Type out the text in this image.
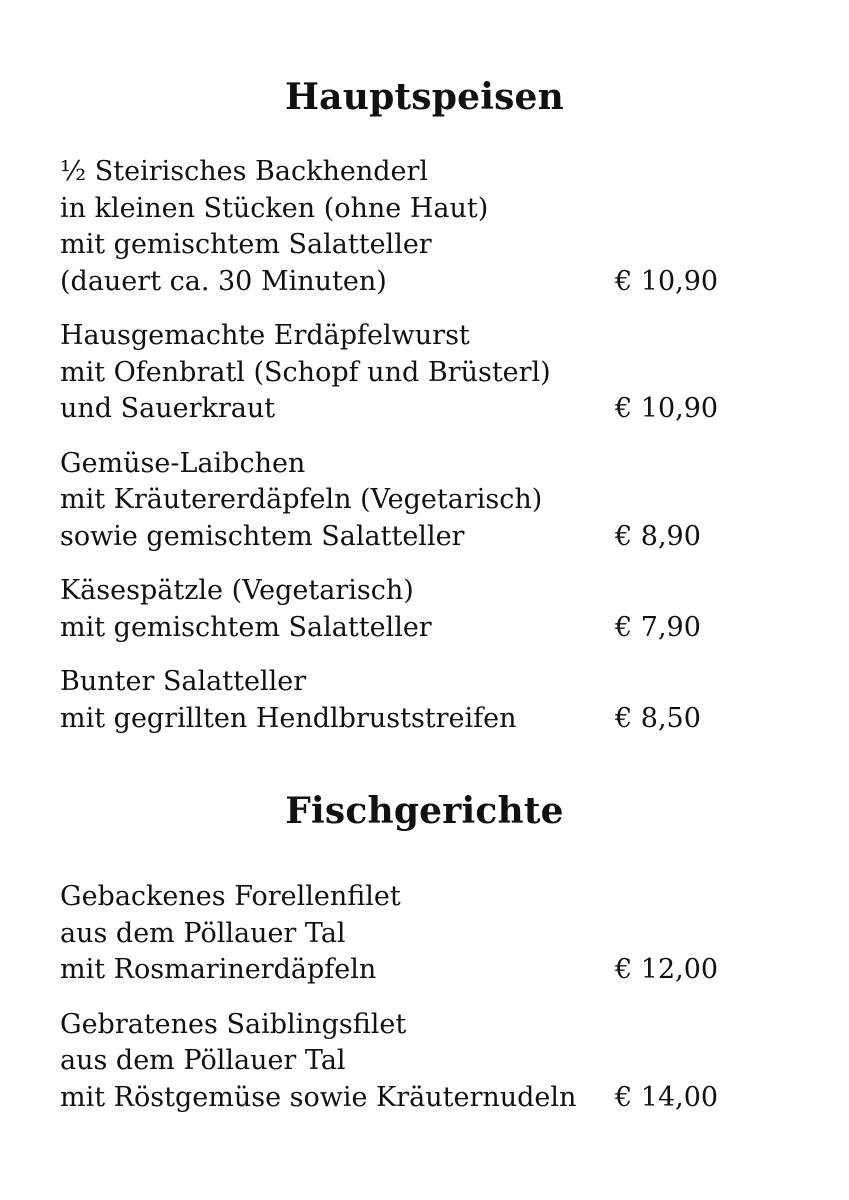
Hauptspeisen
½ Steirisches Backhenderl
in kleinen Stücken (ohne Haut)
mit gemischtem Salatteller
(dauert ca. 30 Minuten)	€ 10,90
Hausgemachte Erdäpfelwurst
mit Ofenbratl (Schopf und Brüsterl)
und Sauerkraut	€ 10,90
Gemüse-Laibchen
mit Kräutererdäpfeln (Vegetarisch)
sowie gemischtem Salatteller	€ 8,90
Käsespätzle (Vegetarisch)
mit gemischtem Salatteller	€ 7,90
Bunter Salatteller
mit gegrillten Hendlbruststreifen	€ 8,50
Fischgerichte
Gebackenes Forellenfilet
aus dem Pöllauer Tal
mit Rosmarinerdäpfeln	€ 12,00
Gebratenes Saiblingsfilet
aus dem Pöllauer Tal
mit Röstgemüse sowie Kräuternudeln	€ 14,00
